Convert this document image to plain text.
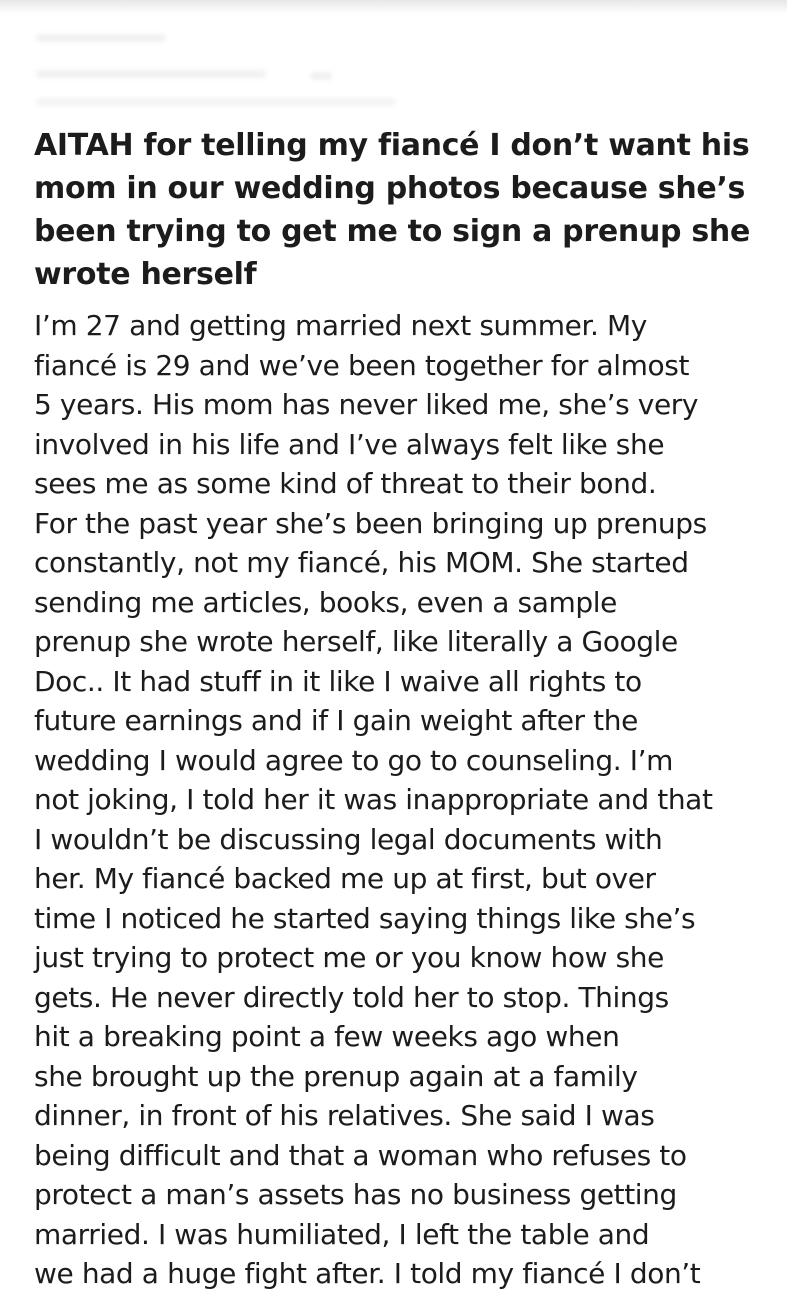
AITAH for telling my fiancé I don’t want his
mom in our wedding photos because she’s
been trying to get me to sign a prenup she
wrote herself
I’m 27 and getting married next summer. My
fiancé is 29 and we’ve been together for almost
5 years. His mom has never liked me, she’s very
involved in his life and I’ve always felt like she
sees me as some kind of threat to their bond.
For the past year she’s been bringing up prenups
constantly, not my fiancé, his MOM. She started
sending me articles, books, even a sample
prenup she wrote herself, like literally a Google
Doc.. It had stuff in it like I waive all rights to
future earnings and if I gain weight after the
wedding I would agree to go to counseling. I’m
not joking, I told her it was inappropriate and that
I wouldn’t be discussing legal documents with
her. My fiancé backed me up at first, but over
time I noticed he started saying things like she’s
just trying to protect me or you know how she
gets. He never directly told her to stop. Things
hit a breaking point a few weeks ago when
she brought up the prenup again at a family
dinner, in front of his relatives. She said I was
being difficult and that a woman who refuses to
protect a man’s assets has no business getting
married. I was humiliated, I left the table and
we had a huge fight after. I told my fiancé I don’t
